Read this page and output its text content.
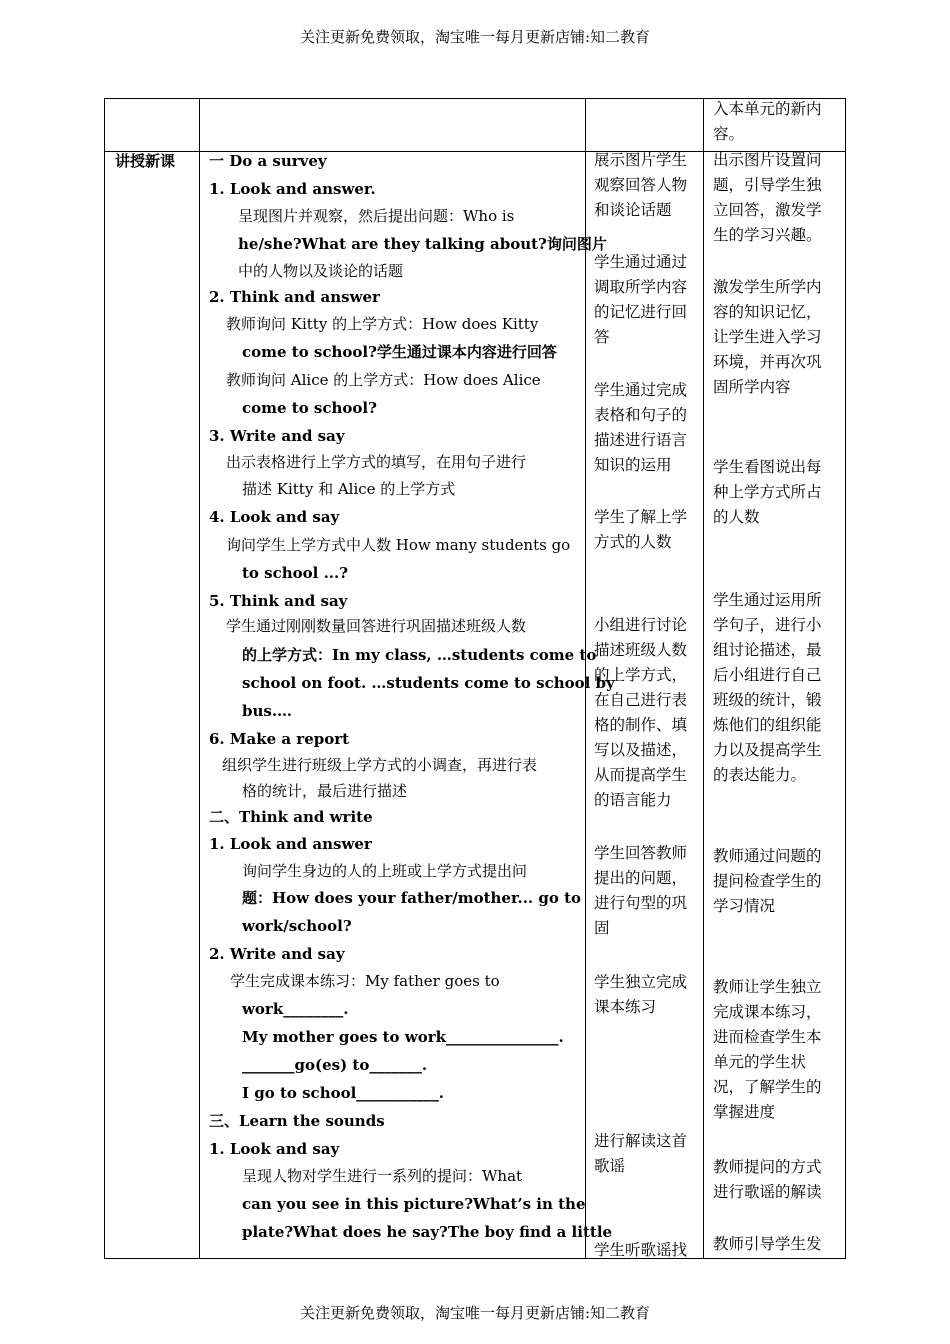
关注更新免费领取，淘宝唯一每月更新店铺:知二教育
入本单元的新内
容。
讲授新课 一 Do a survey
1. Look and answer.
呈现图片并观察，然后提出问题：Who is
he/she?What are they talking about?询问图片
中的人物以及谈论的话题
2. Think and answer
教师询问 Kitty 的上学方式：How does Kitty
come to school?学生通过课本内容进行回答
教师询问 Alice 的上学方式：How does Alice
come to school?
3. Write and say
出示表格进行上学方式的填写，在用句子进行
描述 Kitty 和 Alice 的上学方式
4. Look and say
询问学生上学方式中人数 How many students go
to school ...?
5. Think and say
学生通过刚刚数量回答进行巩固描述班级人数
的上学方式：In my class, …students come to
school on foot. …students come to school by
bus.…
6. Make a report
组织学生进行班级上学方式的小调查，再进行表
格的统计，最后进行描述
二、Think and write
1. Look and answer
询问学生身边的人的上班或上学方式提出问
题：How does your father/mother... go to
work/school?
2. Write and say
学生完成课本练习：My father goes to
work________.
My mother goes to work_______________.
_______go(es) to_______.
I go to school___________.
三、Learn the sounds
1. Look and say
呈现人物对学生进行一系列的提问：What
can you see in this picture?What’s in the
plate?What does he say?The boy find a little
展示图片学生
观察回答人物
和谈论话题
学生通过通过
调取所学内容
的记忆进行回
答
学生通过完成
表格和句子的
描述进行语言
知识的运用
学生了解上学
方式的人数
小组进行讨论
描述班级人数
的上学方式，
在自己进行表
格的制作、填
写以及描述，
从而提高学生
的语言能力
学生回答教师
提出的问题，
进行句型的巩
固
学生独立完成
课本练习
进行解读这首
歌谣
学生听歌谣找
出示图片设置问
题，引导学生独
立回答，激发学
生的学习兴趣。
激发学生所学内
容的知识记忆，
让学生进入学习
环境，并再次巩
固所学内容
学生看图说出每
种上学方式所占
的人数
学生通过运用所
学句子，进行小
组讨论描述，最
后小组进行自己
班级的统计，锻
炼他们的组织能
力以及提高学生
的表达能力。
教师通过问题的
提问检查学生的
学习情况
教师让学生独立
完成课本练习，
进而检查学生本
单元的学生状
况，了解学生的
掌握进度
教师提问的方式
进行歌谣的解读
教师引导学生发
关注更新免费领取，淘宝唯一每月更新店铺:知二教育
